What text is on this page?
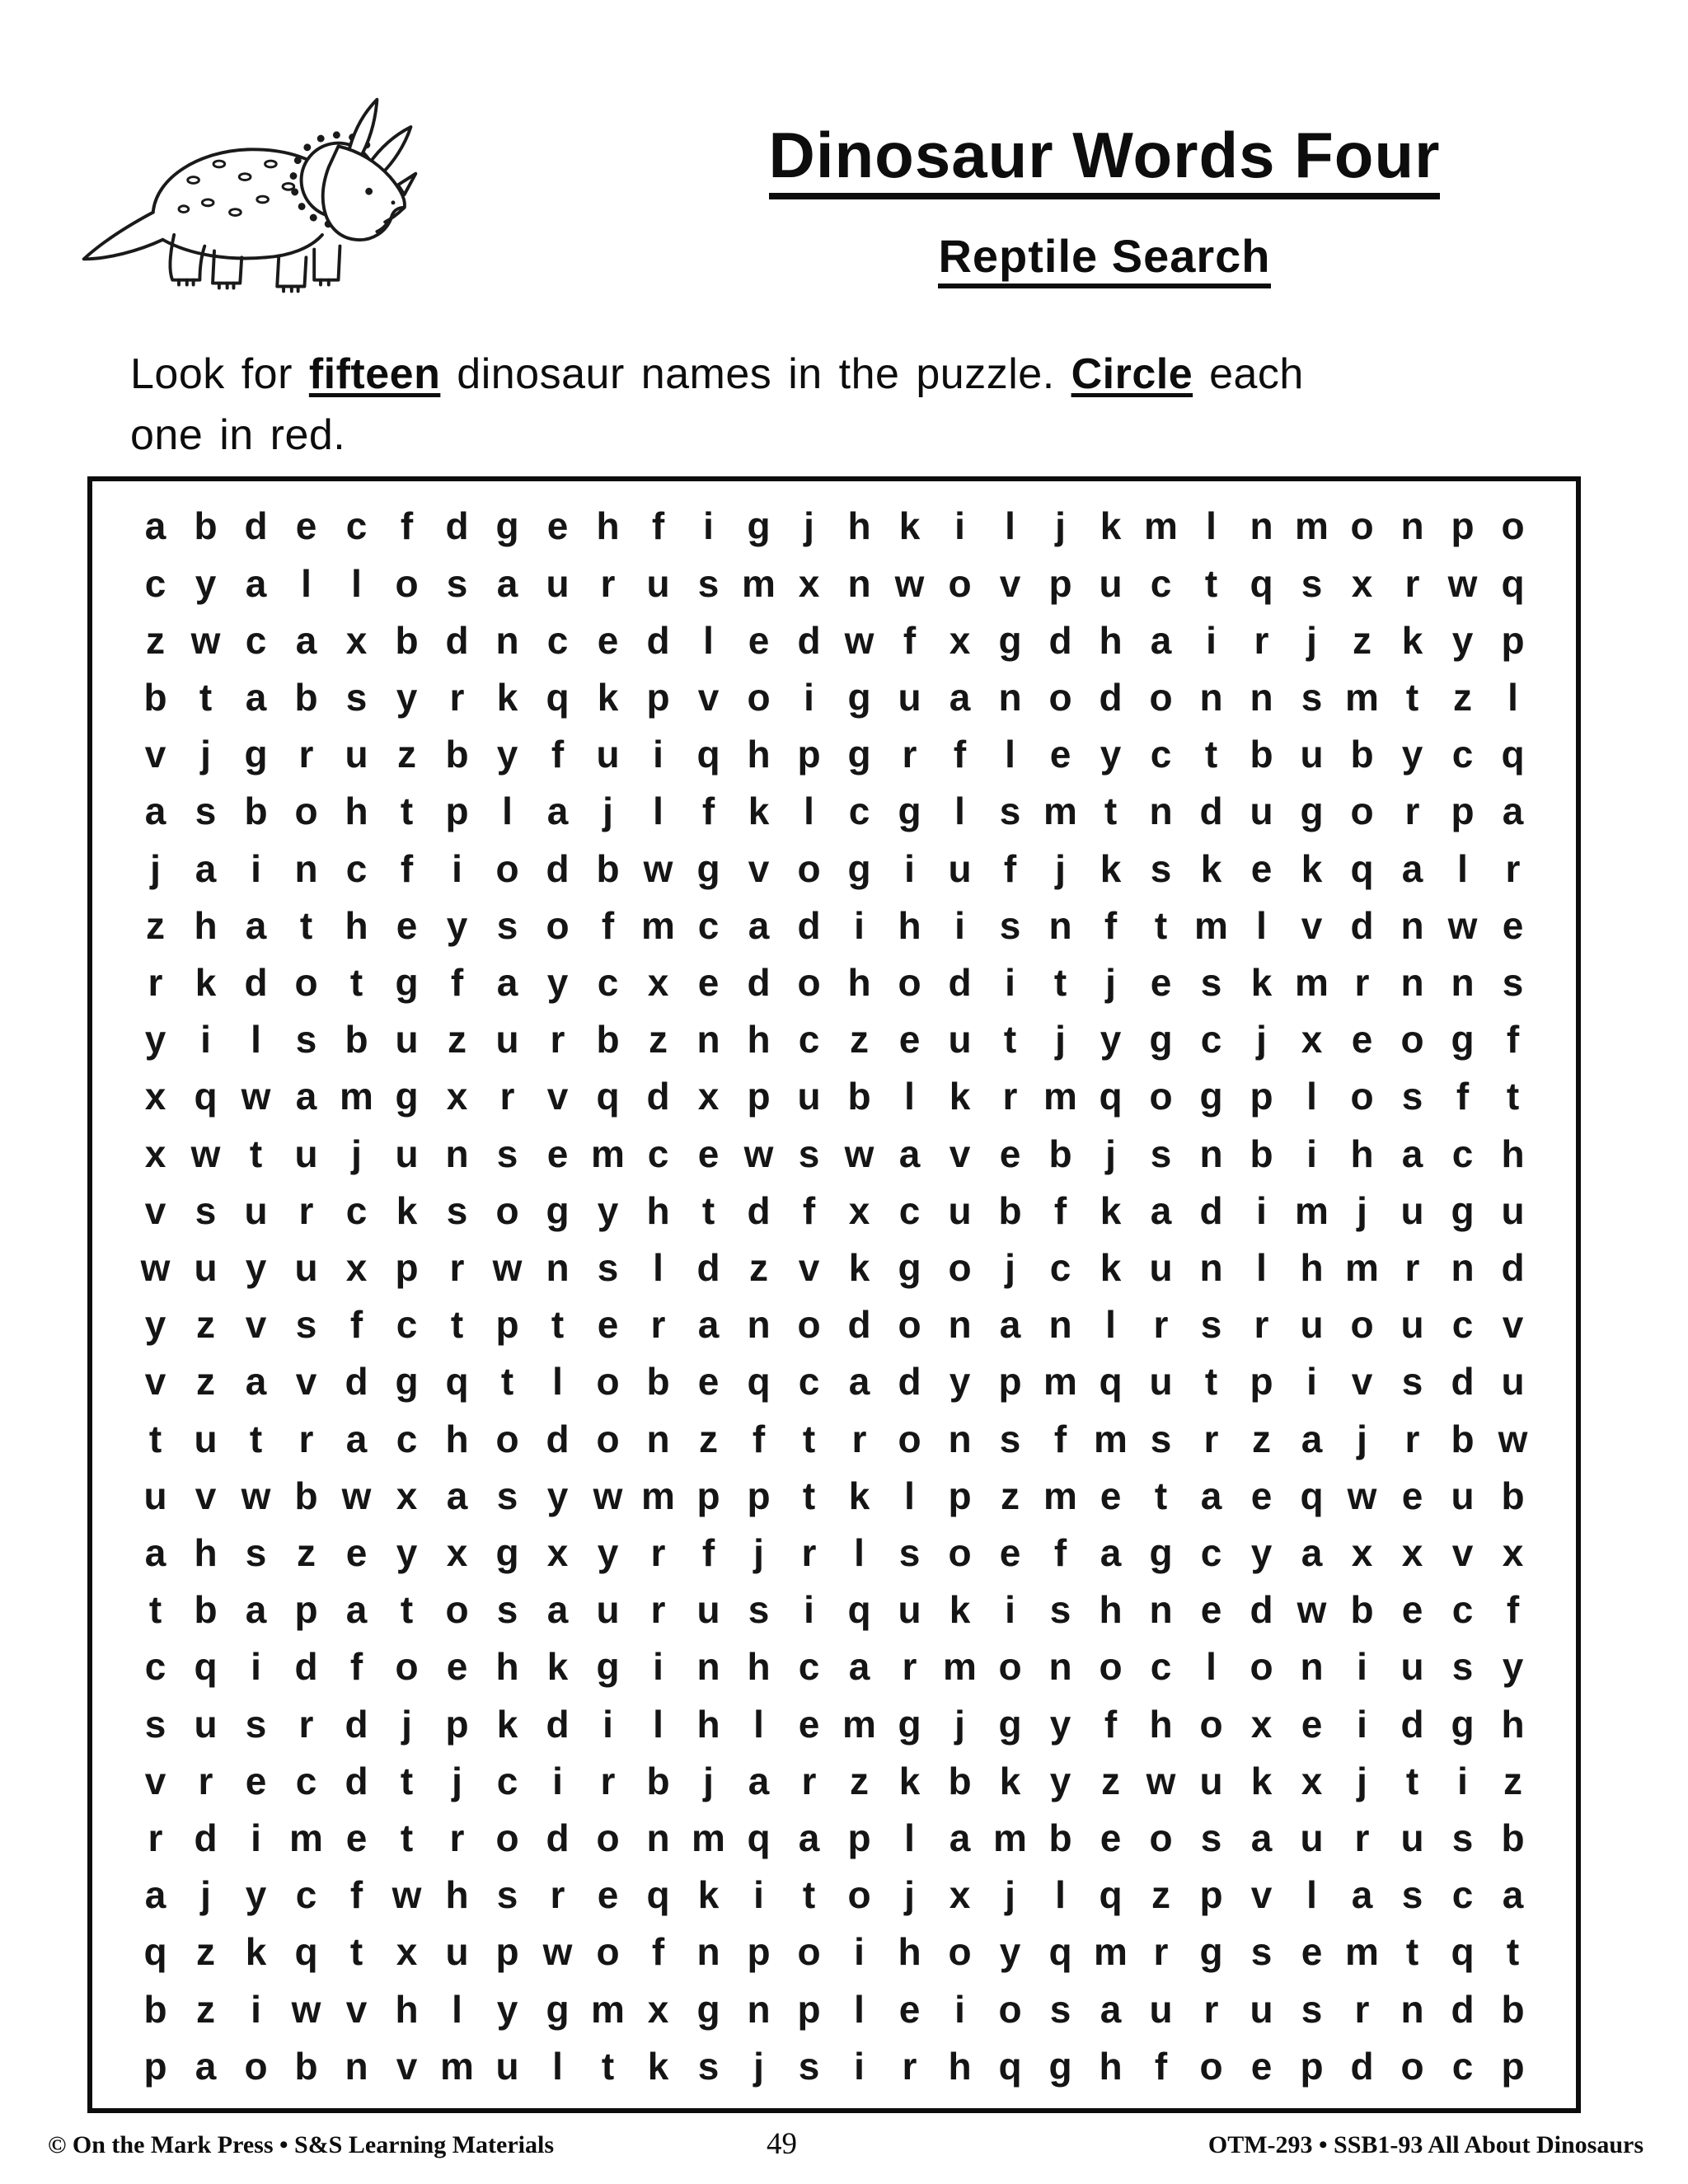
Dinosaur Words Four
Reptile Search
Look for fifteen dinosaur names in the puzzle. Circle each
one in red.
a b d e c f d g e h f	i g j h k i	l	j k m l n m o n p o
c y a l	l o s a u r u s m x n w o v p u c t q s x r w q
z w c a x b d n c e d l e d w f x g d h a i r j z k y p
b t a b s y r k q k p v o i g u a n o d o n n s m t z l
v j g r u z b y f u i q h p g r f	l e y c t b u b y c q
a s b o h t p l a j	l	f k l c g l s m t n d u g o r p a
j a i n c f	i o d b w g v o g i u f	j k s k e k q a l r
z h a t h e y s o f m c a d i h i s n f t m l v d n w e
r k d o t g f a y c x e d o h o d i	t	j e s k m r n n s
y i	l s b u z u r b z n h c z e u t	j y g c j x e o g f
x q w a m g x r v q d x p u b l k r m q o g p l o s f t
x w t u j u n s e m c e w s w a v e b j s n b i h a c h
v s u r c k s o g y h t d f x c u b f k a d i m j u g u
w u y u x p r w n s l d z v k g o j c k u n l h m r n d
y z v s f c t p t e r a n o d o n a n l r s r u o u c v
v z a v d g q t	l o b e q c a d y p m q u t p i v s d u
t u t r a c h o d o n z f t r o n s f m s r z a j r b w
u v w b w x a s y w m p p t k l p z m e t a e q w e u b
a h s z e y x g x y r f	j r l s o e f a g c y a x x v x
t b a p a t o s a u r u s i q u k i s h n e d w b e c f
c q i d f o e h k g i n h c a r m o n o c l o n i u s y
s u s r d j p k d i	l h l e m g j g y f h o x e i d g h
v r e c d t	j c i r b j a r z k b k y z w u k x j	t	i z
r d i m e t r o d o n m q a p l a m b e o s a u r u s b
a j y c f w h s r e q k i	t o j x j	l q z p v l a s c a
q z k q t x u p w o f n p o i h o y q m r g s e m t q t
b z i w v h l y g m x g n p l e i o s a u r u s r n d b
p a o b n v m u l	t k s j s i r h q g h f o e p d o c p
© On the Mark Press • S&S Learning Materials	49	OTM-293 • SSB1-93 All About Dinosaurs
